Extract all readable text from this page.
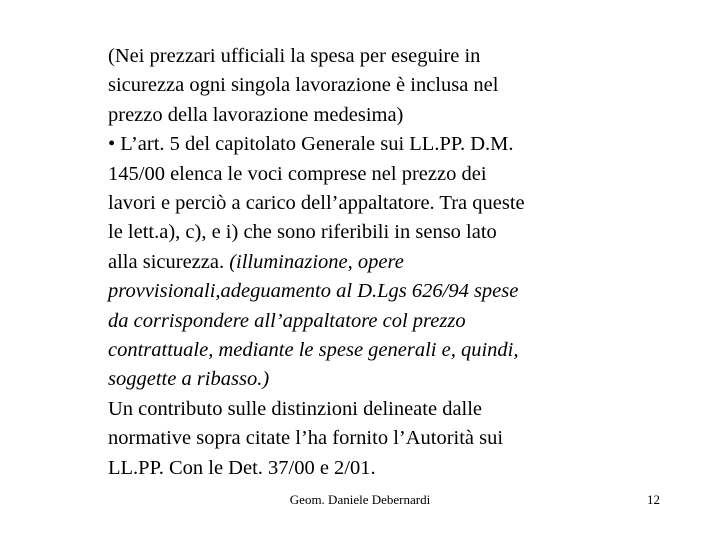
(Nei prezzari ufficiali la spesa per eseguire in
sicurezza ogni singola lavorazione è inclusa nel
prezzo della lavorazione medesima)
• L’art. 5 del capitolato Generale sui LL.PP. D.M.
145/00 elenca le voci comprese nel prezzo dei
lavori e perciò a carico dell’appaltatore. Tra queste
le lett.a), c), e i) che sono riferibili in senso lato
alla sicurezza. (illuminazione, opere
provvisionali,adeguamento al D.Lgs 626/94 spese
da corrispondere all’appaltatore col prezzo
contrattuale, mediante le spese generali e, quindi,
soggette a ribasso.)
Un contributo sulle distinzioni delineate dalle
normative sopra citate l’ha fornito l’Autorità sui
LL.PP. Con le Det. 37/00 e 2/01.
Geom. Daniele Debernardi	12
